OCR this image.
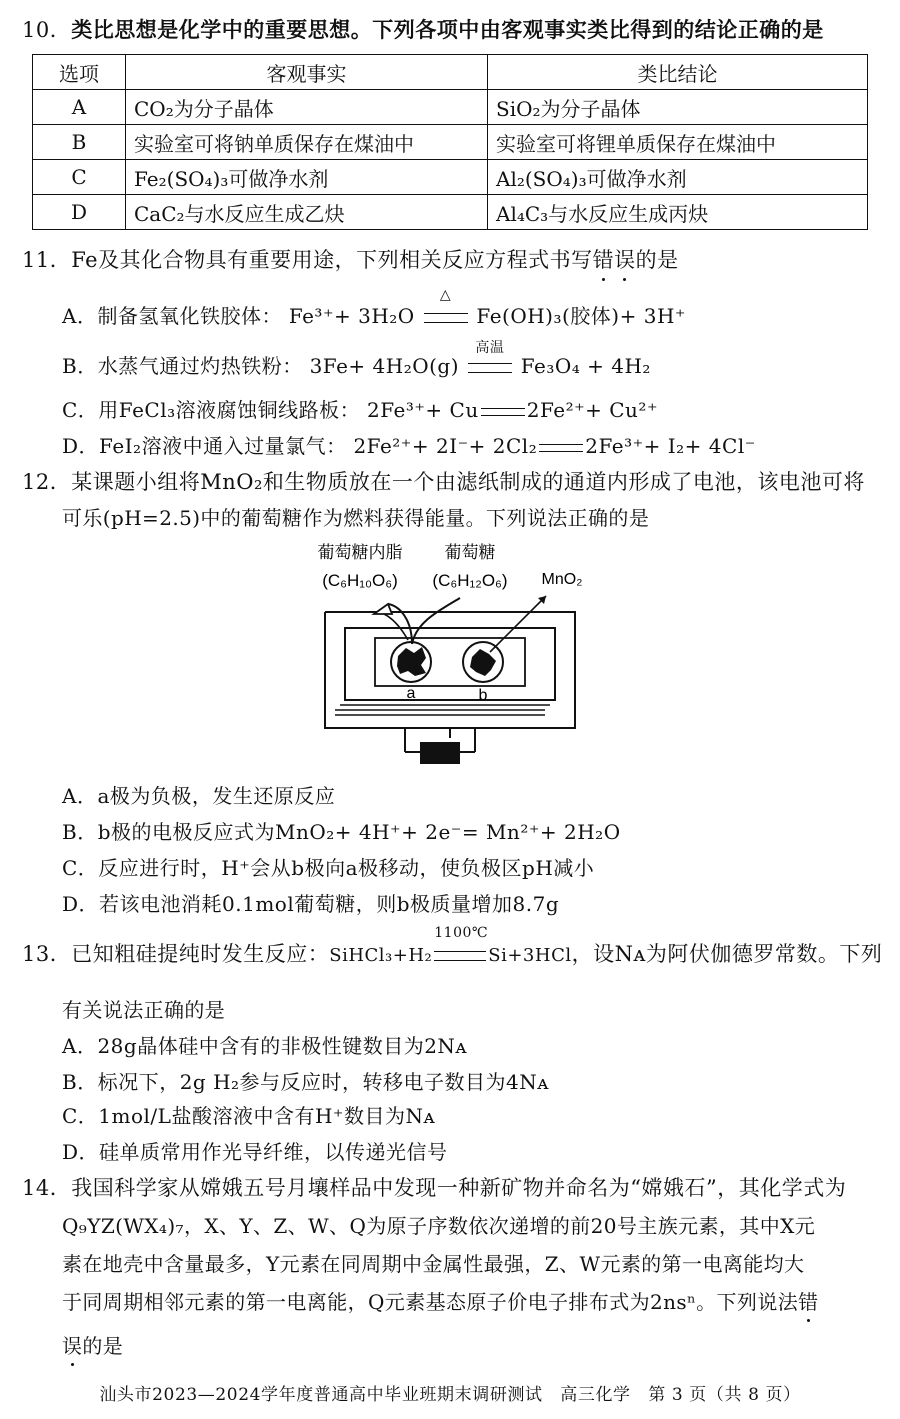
10．类比思想是化学中的重要思想。下列各项中由客观事实类比得到的结论正确的是
选项	客观事实	类比结论
A	CO₂为分子晶体	SiO₂为分子晶体
B	实验室可将钠单质保存在煤油中	实验室可将锂单质保存在煤油中
C	Fe₂(SO₄)₃可做净水剂	Al₂(SO₄)₃可做净水剂
D	CaC₂与水反应生成乙炔	Al₄C₃与水反应生成丙炔
11．Fe及其化合物具有重要用途，下列相关反应方程式书写错误的是
A．制备氢氧化铁胶体： Fe³⁺+ 3H₂O
△
Fe(OH)₃(胶体)+ 3H⁺
B．水蒸气通过灼热铁粉： 3Fe+ 4H₂O(g)
高温
Fe₃O₄ + 4H₂
C．用FeCl₃溶液腐蚀铜线路板： 2Fe³⁺+ Cu 2Fe²⁺+ Cu²⁺
D．FeI₂溶液中通入过量氯气： 2Fe²⁺+ 2I⁻+ 2Cl₂ 2Fe³⁺+ I₂+ 4Cl⁻
12．某课题小组将MnO₂和生物质放在一个由滤纸制成的通道内形成了电池，该电池可将
可乐(pH=2.5)中的葡萄糖作为燃料获得能量。下列说法正确的是
葡萄糖内脂
(C₆H₁₀O₆)
葡萄糖
(C₆H₁₂O₆) MnO₂
a	b
A．a极为负极，发生还原反应
B．b极的电极反应式为MnO₂+ 4H⁺+ 2e⁻= Mn²⁺+ 2H₂O
C．反应进行时，H⁺会从b极向a极移动，使负极区pH减小
D．若该电池消耗0.1mol葡萄糖，则b极质量增加8.7g
13．已知粗硅提纯时发生反应：SiHCl₃+H₂
1100℃
Si+3HCl，设Nᴀ为阿伏伽德罗常数。下列
有关说法正确的是
A．28g晶体硅中含有的非极性键数目为2Nᴀ
B．标况下，2g H₂参与反应时，转移电子数目为4Nᴀ
C．1mol/L盐酸溶液中含有H⁺数目为Nᴀ
D．硅单质常用作光导纤维，以传递光信号
14．我国科学家从嫦娥五号月壤样品中发现一种新矿物并命名为“嫦娥石”，其化学式为
Q₉YZ(WX₄)₇，X、Y、Z、W、Q为原子序数依次递增的前20号主族元素，其中X元
素在地壳中含量最多，Y元素在同周期中金属性最强，Z、W元素的第一电离能均大
于同周期相邻元素的第一电离能，Q元素基态原子价电子排布式为2nsⁿ。下列说法错
误的是
汕头市2023—2024学年度普通高中毕业班期末调研测试　高三化学　第 3 页（共 8 页）
